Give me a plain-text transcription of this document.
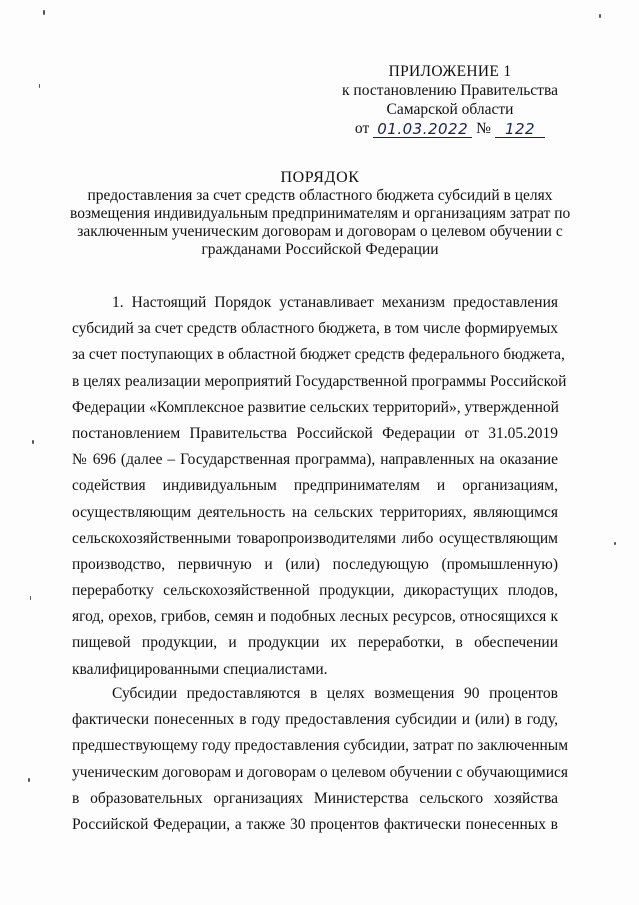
ПРИЛОЖЕНИЕ 1
к постановлению Правительства
Самарской области
от 01.03.2022 № 122
ПОРЯДОК
предоставления за счет средств областного бюджета субсидий в целях
возмещения индивидуальным предпринимателям и организациям затрат по
заключенным ученическим договорам и договорам о целевом обучении с
гражданами Российской Федерации
1. Настоящий Порядок устанавливает механизм предоставления
субсидий за счет средств областного бюджета, в том числе формируемых
за счет поступающих в областной бюджет средств федерального бюджета,
в целях реализации мероприятий Государственной программы Российской
Федерации «Комплексное развитие сельских территорий», утвержденной
постановлением Правительства Российской Федерации от 31.05.2019
№ 696 (далее – Государственная программа), направленных на оказание
содействия индивидуальным предпринимателям и организациям,
осуществляющим деятельность на сельских территориях, являющимся
сельскохозяйственными товаропроизводителями либо осуществляющим
производство, первичную и (или) последующую (промышленную)
переработку сельскохозяйственной продукции, дикорастущих плодов,
ягод, орехов, грибов, семян и подобных лесных ресурсов, относящихся к
пищевой продукции, и продукции их переработки, в обеспечении
квалифицированными специалистами.
Субсидии предоставляются в целях возмещения 90 процентов
фактически понесенных в году предоставления субсидии и (или) в году,
предшествующему году предоставления субсидии, затрат по заключенным
ученическим договорам и договорам о целевом обучении с обучающимися
в образовательных организациях Министерства сельского хозяйства
Российской Федерации, а также 30 процентов фактически понесенных в
